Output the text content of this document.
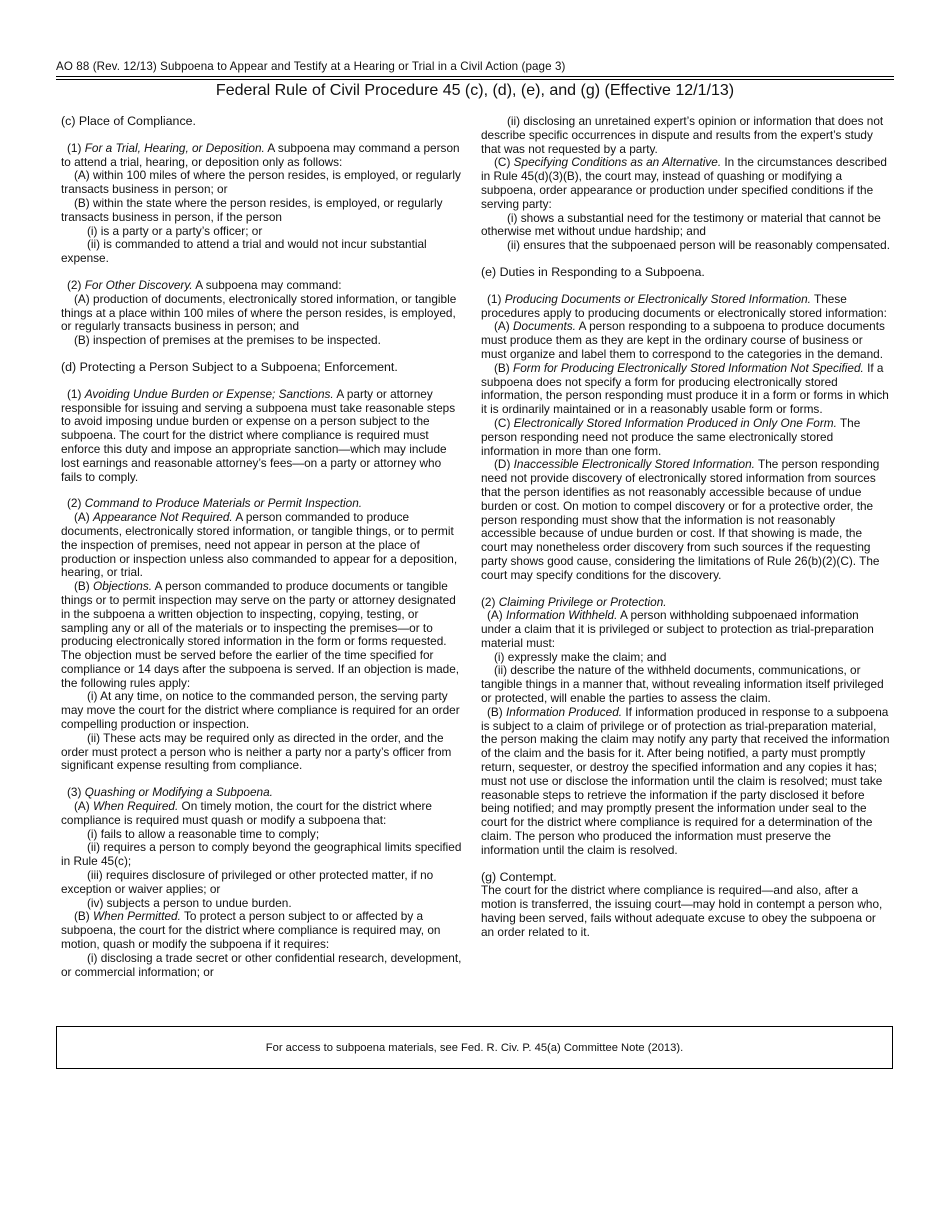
AO 88 (Rev. 12/13) Subpoena to Appear and Testify at a Hearing or Trial in a Civil Action (page 3)
Federal Rule of Civil Procedure 45 (c), (d), (e), and (g) (Effective 12/1/13)

(c) Place of Compliance.

(1) For a Trial, Hearing, or Deposition. A subpoena may command a person to attend a trial, hearing, or deposition only as follows:

(A) within 100 miles of where the person resides, is employed, or regularly transacts business in person; or

(B) within the state where the person resides, is employed, or regularly transacts business in person, if the person

(i) is a party or a party’s officer; or

(ii) is commanded to attend a trial and would not incur substantial expense.

(2) For Other Discovery. A subpoena may command:

(A) production of documents, electronically stored information, or tangible things at a place within 100 miles of where the person resides, is employed, or regularly transacts business in person; and

(B) inspection of premises at the premises to be inspected.

(d) Protecting a Person Subject to a Subpoena; Enforcement.

(1) Avoiding Undue Burden or Expense; Sanctions. A party or attorney responsible for issuing and serving a subpoena must take reasonable steps to avoid imposing undue burden or expense on a person subject to the subpoena. The court for the district where compliance is required must enforce this duty and impose an appropriate sanction—which may include lost earnings and reasonable attorney’s fees—on a party or attorney who fails to comply.

(2) Command to Produce Materials or Permit Inspection.

(A) Appearance Not Required. A person commanded to produce documents, electronically stored information, or tangible things, or to permit the inspection of premises, need not appear in person at the place of production or inspection unless also commanded to appear for a deposition, hearing, or trial.

(B) Objections. A person commanded to produce documents or tangible things or to permit inspection may serve on the party or attorney designated in the subpoena a written objection to inspecting, copying, testing, or sampling any or all of the materials or to inspecting the premises—or to producing electronically stored information in the form or forms requested. The objection must be served before the earlier of the time specified for compliance or 14 days after the subpoena is served. If an objection is made, the following rules apply:

(i) At any time, on notice to the commanded person, the serving party may move the court for the district where compliance is required for an order compelling production or inspection.

(ii) These acts may be required only as directed in the order, and the order must protect a person who is neither a party nor a party’s officer from significant expense resulting from compliance.

(3) Quashing or Modifying a Subpoena.

(A) When Required. On timely motion, the court for the district where compliance is required must quash or modify a subpoena that:

(i) fails to allow a reasonable time to comply;

(ii) requires a person to comply beyond the geographical limits specified in Rule 45(c);

(iii) requires disclosure of privileged or other protected matter, if no exception or waiver applies; or

(iv) subjects a person to undue burden.

(B) When Permitted. To protect a person subject to or affected by a subpoena, the court for the district where compliance is required may, on motion, quash or modify the subpoena if it requires:

(i) disclosing a trade secret or other confidential research, development, or commercial information; or

(ii) disclosing an unretained expert’s opinion or information that does not describe specific occurrences in dispute and results from the expert’s study that was not requested by a party.

(C) Specifying Conditions as an Alternative. In the circumstances described in Rule 45(d)(3)(B), the court may, instead of quashing or modifying a subpoena, order appearance or production under specified conditions if the serving party:

(i) shows a substantial need for the testimony or material that cannot be otherwise met without undue hardship; and

(ii) ensures that the subpoenaed person will be reasonably compensated.

(e) Duties in Responding to a Subpoena.

(1) Producing Documents or Electronically Stored Information. These procedures apply to producing documents or electronically stored information:

(A) Documents. A person responding to a subpoena to produce documents must produce them as they are kept in the ordinary course of business or must organize and label them to correspond to the categories in the demand.

(B) Form for Producing Electronically Stored Information Not Specified. If a subpoena does not specify a form for producing electronically stored information, the person responding must produce it in a form or forms in which it is ordinarily maintained or in a reasonably usable form or forms.

(C) Electronically Stored Information Produced in Only One Form. The person responding need not produce the same electronically stored information in more than one form.

(D) Inaccessible Electronically Stored Information. The person responding need not provide discovery of electronically stored information from sources that the person identifies as not reasonably accessible because of undue burden or cost. On motion to compel discovery or for a protective order, the person responding must show that the information is not reasonably accessible because of undue burden or cost. If that showing is made, the court may nonetheless order discovery from such sources if the requesting party shows good cause, considering the limitations of Rule 26(b)(2)(C). The court may specify conditions for the discovery.

(2) Claiming Privilege or Protection.

(A) Information Withheld. A person withholding subpoenaed information under a claim that it is privileged or subject to protection as trial-preparation material must:

(i) expressly make the claim; and

(ii) describe the nature of the withheld documents, communications, or tangible things in a manner that, without revealing information itself privileged or protected, will enable the parties to assess the claim.

(B) Information Produced. If information produced in response to a subpoena is subject to a claim of privilege or of protection as trial-preparation material, the person making the claim may notify any party that received the information of the claim and the basis for it. After being notified, a party must promptly return, sequester, or destroy the specified information and any copies it has; must not use or disclose the information until the claim is resolved; must take reasonable steps to retrieve the information if the party disclosed it before being notified; and may promptly present the information under seal to the court for the district where compliance is required for a determination of the claim. The person who produced the information must preserve the information until the claim is resolved.

(g) Contempt.

The court for the district where compliance is required—and also, after a motion is transferred, the issuing court—may hold in contempt a person who, having been served, fails without adequate excuse to obey the subpoena or an order related to it.

For access to subpoena materials, see Fed. R. Civ. P. 45(a) Committee Note (2013).
